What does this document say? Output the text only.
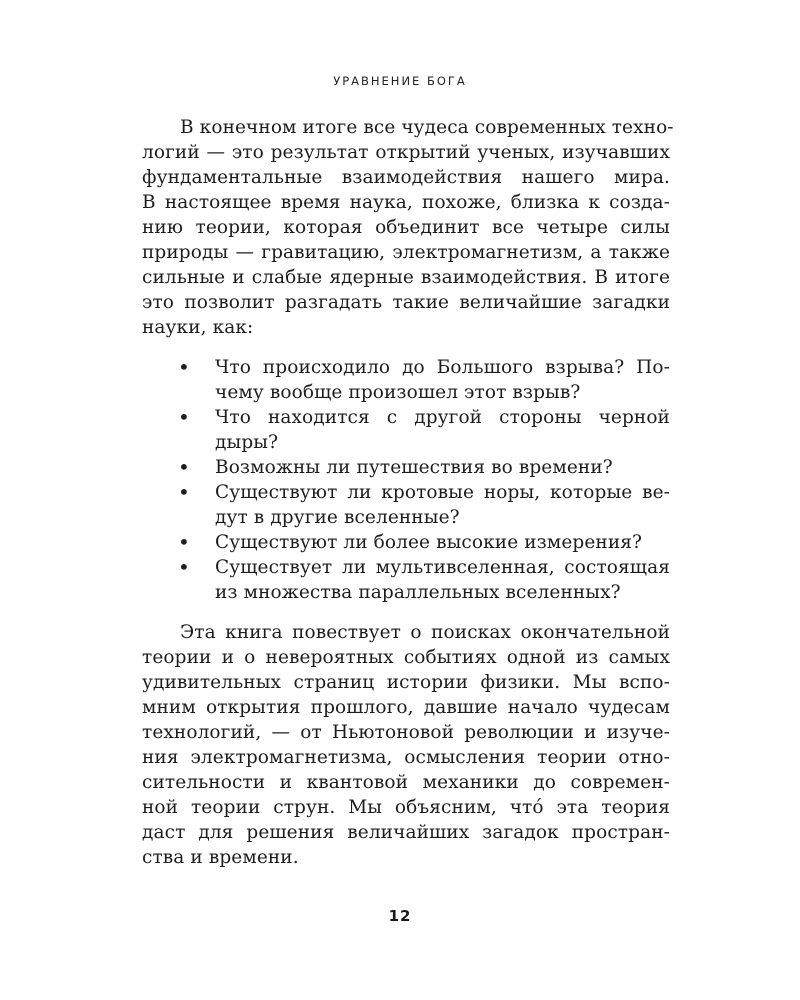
УРАВНЕНИЕ БОГА
В конечном итоге все чудеса современных техно-
логий — это результат открытий ученых, изучавших
фундаментальные взаимодействия нашего мира.
В настоящее время наука, похоже, близка к созда-
нию теории, которая объединит все четыре силы
природы — гравитацию, электромагнетизм, а также
сильные и слабые ядерные взаимодействия. В итоге
это позволит разгадать такие величайшие загадки
науки, как:
• Что происходило до Большого взрыва? По-
чему вообще произошел этот взрыв?
• Что находится с другой стороны черной
дыры?
• Возможны ли путешествия во времени?
• Существуют ли кротовые норы, которые ве-
дут в другие вселенные?
• Существуют ли более высокие измерения?
• Существует ли мультивселенная, состоящая
из множества параллельных вселенных?
Эта книга повествует о поисках окончательной
теории и о невероятных событиях одной из самых
удивительных страниц истории физики. Мы вспо-
мним открытия прошлого, давшие начало чудесам
технологий, — от Ньютоновой революции и изуче-
ния электромагнетизма, осмысления теории отно-
сительности и квантовой механики до современ-
ной теории струн. Мы объясним, чтó эта теория
даст для решения величайших загадок простран-
ства и времени.
12
